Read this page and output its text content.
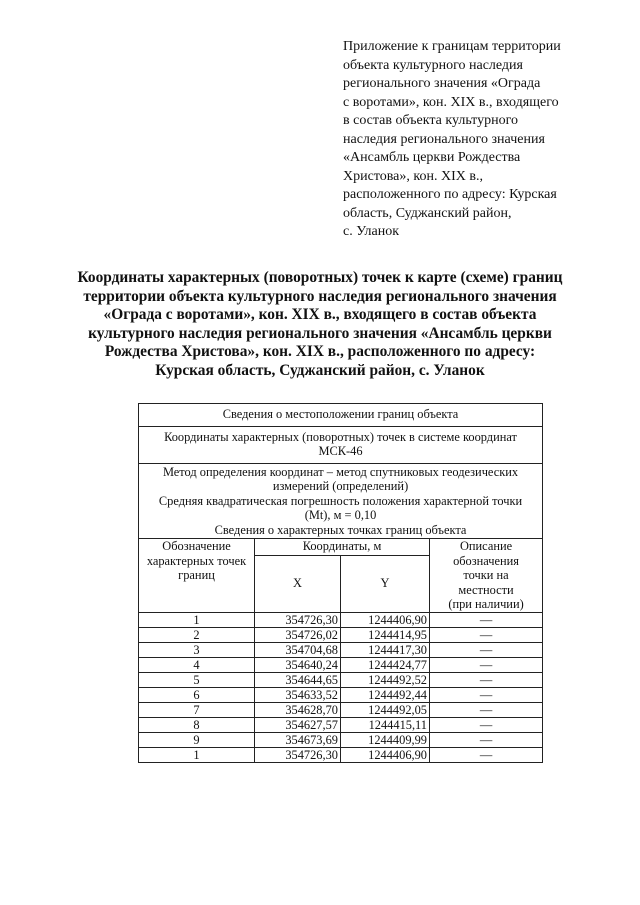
Приложение к границам территории
объекта культурного наследия
регионального значения «Ограда
с воротами», кон. XIX в., входящего
в состав объекта культурного
наследия регионального значения
«Ансамбль церкви Рождества
Христова», кон. XIX в.,
расположенного по адресу: Курская
область, Суджанский район,
с. Уланок
Координаты характерных (поворотных) точек к карте (схеме) границ
территории объекта культурного наследия регионального значения
«Ограда с воротами», кон. XIX в., входящего в состав объекта
культурного наследия регионального значения «Ансамбль церкви
Рождества Христова», кон. XIX в., расположенного по адресу:
Курская область, Суджанский район, с. Уланок
Сведения о местоположении границ объекта			

Координаты характерных (поворотных) точек в системе координат
МСК-46			

Метод определения координат – метод спутниковых геодезических
измерений (определений)
Средняя квадратическая погрешность положения характерной точки
(Mt), м = 0,10
Сведения о характерных точках границ объекта			

Обозначение
характерных точек
границ	Координаты, м		Описание
обозначения
точки на
местности
(при наличии)

	X	Y	
1	354726,30	1244406,90	—
2	354726,02	1244414,95	—
3	354704,68	1244417,30	—
4	354640,24	1244424,77	—
5	354644,65	1244492,52	—
6	354633,52	1244492,44	—
7	354628,70	1244492,05	—
8	354627,57	1244415,11	—
9	354673,69	1244409,99	—
1	354726,30	1244406,90	—
